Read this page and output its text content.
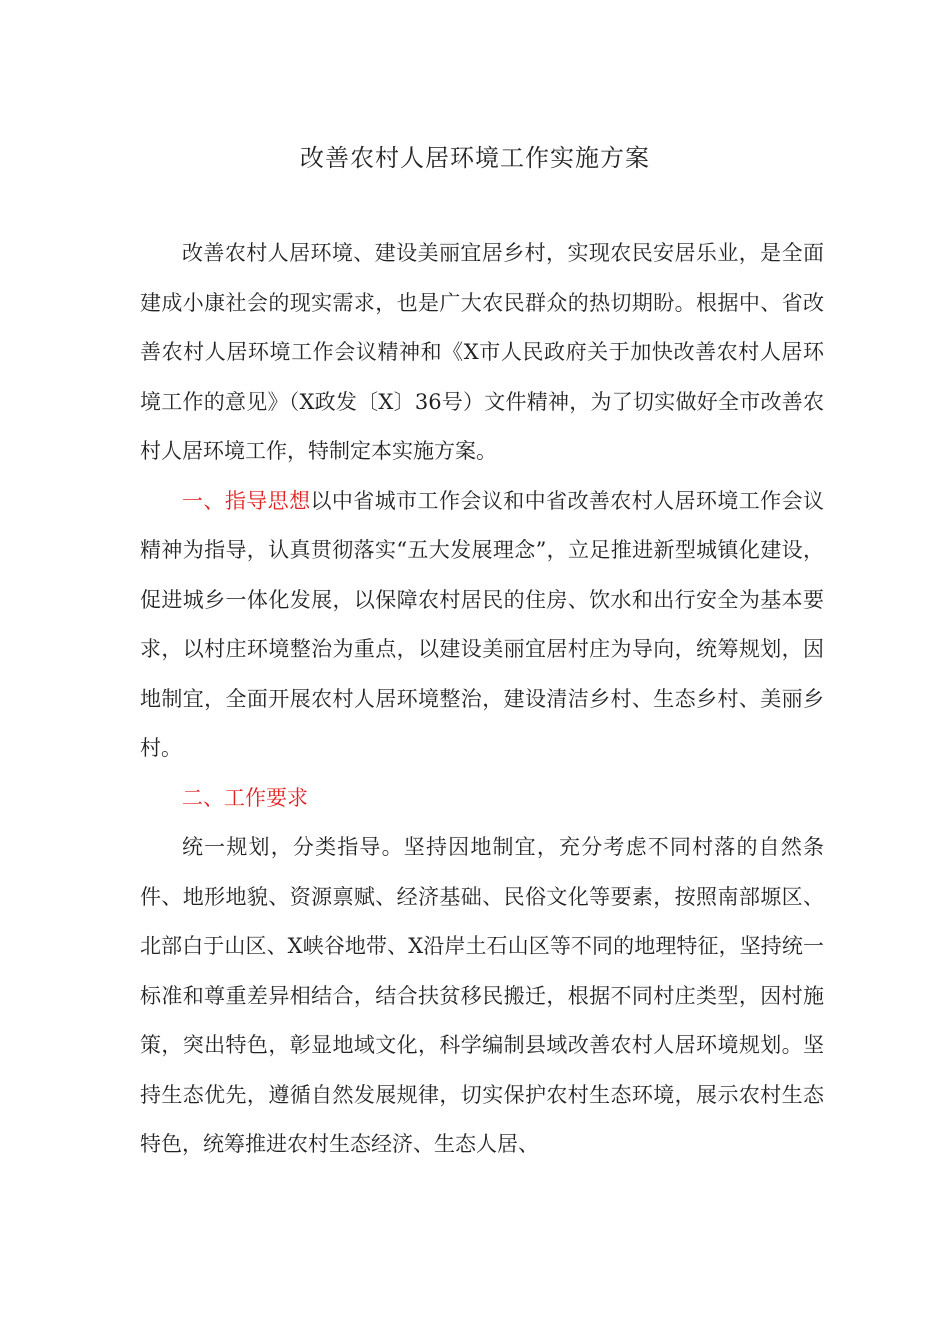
改善农村人居环境工作实施方案

改善农村人居环境、建设美丽宜居乡村，实现农民安居乐业，是全面建成小康社会的现实需求，也是广大农民群众的热切期盼。根据中、省改善农村人居环境工作会议精神和《X市人民政府关于加快改善农村人居环境工作的意见》（X政发〔X〕36号）文件精神，为了切实做好全市改善农村人居环境工作，特制定本实施方案。

一、指导思想以中省城市工作会议和中省改善农村人居环境工作会议精神为指导，认真贯彻落实“五大发展理念”，立足推进新型城镇化建设，促进城乡一体化发展，以保障农村居民的住房、饮水和出行安全为基本要求，以村庄环境整治为重点，以建设美丽宜居村庄为导向，统筹规划，因地制宜，全面开展农村人居环境整治，建设清洁乡村、生态乡村、美丽乡村。

二、工作要求

统一规划，分类指导。坚持因地制宜，充分考虑不同村落的自然条件、地形地貌、资源禀赋、经济基础、民俗文化等要素，按照南部塬区、北部白于山区、X峡谷地带、X沿岸土石山区等不同的地理特征，坚持统一标准和尊重差异相结合，结合扶贫移民搬迁，根据不同村庄类型，因村施策，突出特色，彰显地域文化，科学编制县域改善农村人居环境规划。坚持生态优先，遵循自然发展规律，切实保护农村生态环境，展示农村生态特色，统筹推进农村生态经济、生态人居、
